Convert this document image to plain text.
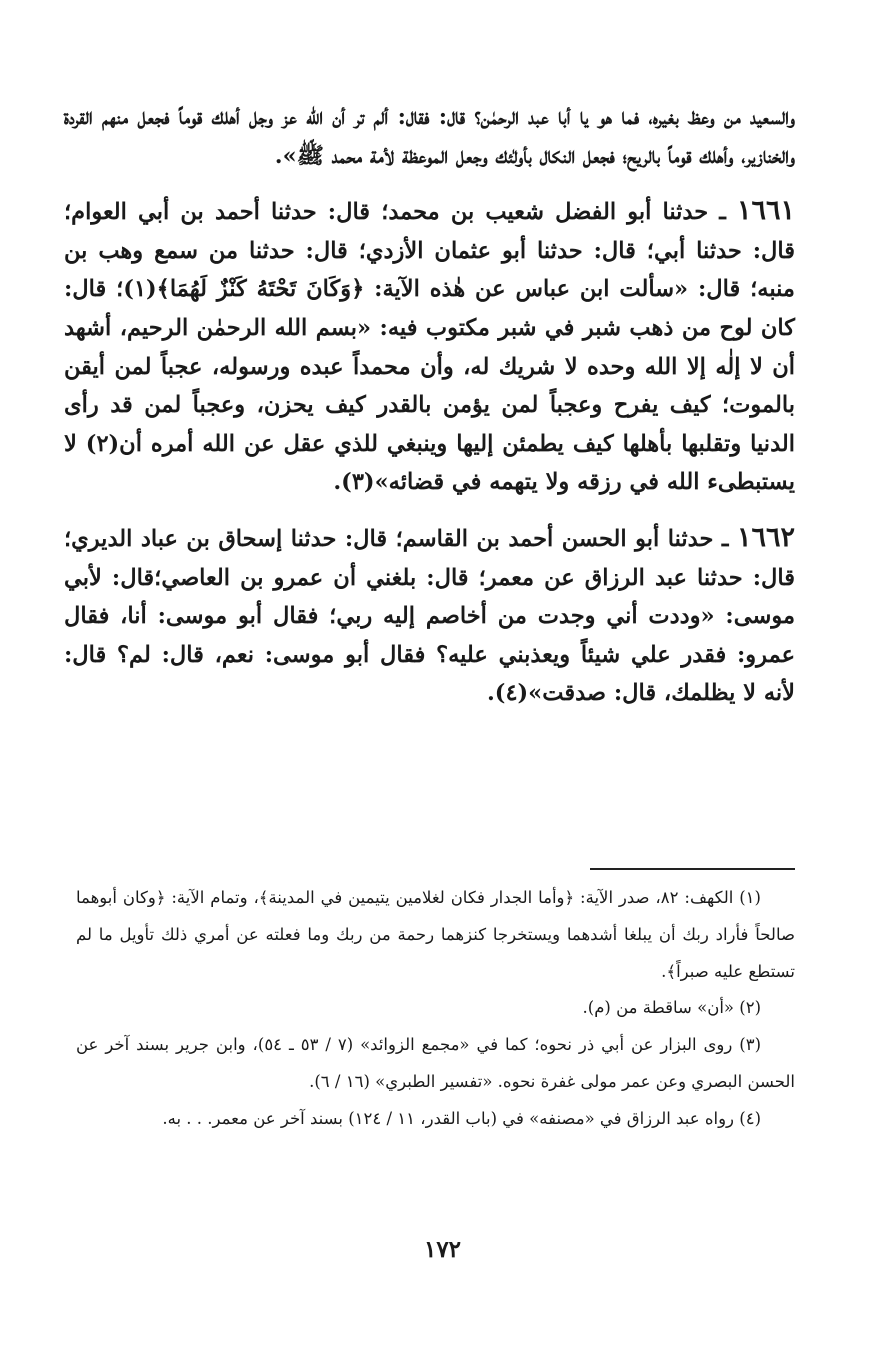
والسعيد من وعظ بغيره، فما هو يا أبا عبد الرحمٰن؟ قال: فقال: ألم تر أن الله عز وجل أهلك قوماً فجعل منهم القردة والخنازير، وأهلك قوماً بالريح؛ فجعل النكال بأولٰئك وجعل الموعظة لأمة محمد ﷺ».

١٦٦١ ـ حدثنا أبو الفضل شعيب بن محمد؛ قال: حدثنا أحمد بن أبي العوام؛ قال: حدثنا أبي؛ قال: حدثنا أبو عثمان الأزدي؛ قال: حدثنا من سمع وهب بن منبه؛ قال: «سألت ابن عباس عن هٰذه الآية: ﴿وَكَانَ تَحْتَهُ كَنْزٌ لَهُمَا﴾(١)؛ قال: كان لوح من ذهب شبر في شبر مكتوب فيه: «بسم الله الرحمٰن الرحيم، أشهد أن لا إلٰه إلا الله وحده لا شريك له، وأن محمداً عبده ورسوله، عجباً لمن أيقن بالموت؛ كيف يفرح وعجباً لمن يؤمن بالقدر كيف يحزن، وعجباً لمن قد رأى الدنيا وتقلبها بأهلها كيف يطمئن إليها وينبغي للذي عقل عن الله أمره أن(٢) لا يستبطىء الله في رزقه ولا يتهمه في قضائه»(٣).

١٦٦٢ ـ حدثنا أبو الحسن أحمد بن القاسم؛ قال: حدثنا إسحاق بن عباد الديري؛ قال: حدثنا عبد الرزاق عن معمر؛ قال: بلغني أن عمرو بن العاصي؛قال: لأبي موسى: «وددت أني وجدت من أخاصم إليه ربي؛ فقال أبو موسى: أنا، فقال عمرو: فقدر علي شيئاً ويعذبني عليه؟ فقال أبو موسى: نعم، قال: لم؟ قال: لأنه لا يظلمك، قال: صدقت»(٤).

(١) الكهف: ٨٢، صدر الآية: ﴿وأما الجدار فكان لغلامين يتيمين في المدينة﴾، وتمام الآية: ﴿وكان أبوهما صالحاً فأراد ربك أن يبلغا أشدهما ويستخرجا كنزهما رحمة من ربك وما فعلته عن أمري ذلك تأويل ما لم تستطع عليه صبراً﴾.

(٢) «أن» ساقطة من (م).

(٣) روى البزار عن أبي ذر نحوه؛ كما في «مجمع الزوائد» (٧ / ٥٣ ـ ٥٤)، وابن جرير بسند آخر عن الحسن البصري وعن عمر مولى غفرة نحوه. «تفسير الطبري» (١٦ / ٦).

(٤) رواه عبد الرزاق في «مصنفه» في (باب القدر، ١١ / ١٢٤) بسند آخر عن معمر. . . به.

١٧٢
